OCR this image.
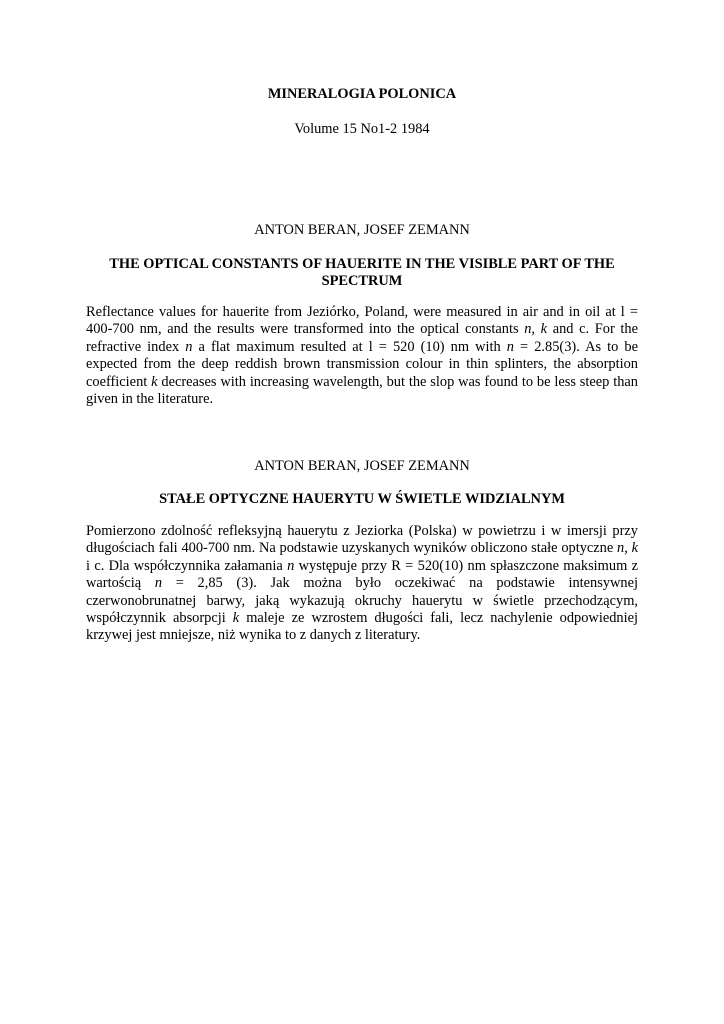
MINERALOGIA POLONICA
Volume 15 No1-2 1984
ANTON BERAN, JOSEF ZEMANN
THE OPTICAL CONSTANTS OF HAUERITE IN THE VISIBLE PART OF THE SPECTRUM

Reflectance values for hauerite from Jeziórko, Poland, were measured in air and in oil at l = 400-700 nm, and the results were transformed into the optical constants n, k and c. For the refractive index n a flat maximum resulted at l = 520 (10) nm with n = 2.85(3). As to be expected from the deep reddish brown transmission colour in thin splinters, the absorption coefficient k decreases with increasing wavelength, but the slop was found to be less steep than given in the literature.

ANTON BERAN, JOSEF ZEMANN
STAŁE OPTYCZNE HAUERYTU W ŚWIETLE WIDZIALNYM

Pomierzono zdolność refleksyjną hauerytu z Jeziorka (Polska) w powietrzu i w imersji przy długościach fali 400-700 nm. Na podstawie uzyskanych wyników obliczono stałe optyczne n, k i c. Dla współczynnika załamania n występuje przy R = 520(10) nm spłaszczone maksimum z wartością n = 2,85 (3). Jak można było oczekiwać na podstawie intensywnej czerwonobrunatnej barwy, jaką wykazują okruchy hauerytu w świetle przechodzącym, współczynnik absorpcji k maleje ze wzrostem długości fali, lecz nachylenie odpowiedniej krzywej jest mniejsze, niż wynika to z danych z literatury.
